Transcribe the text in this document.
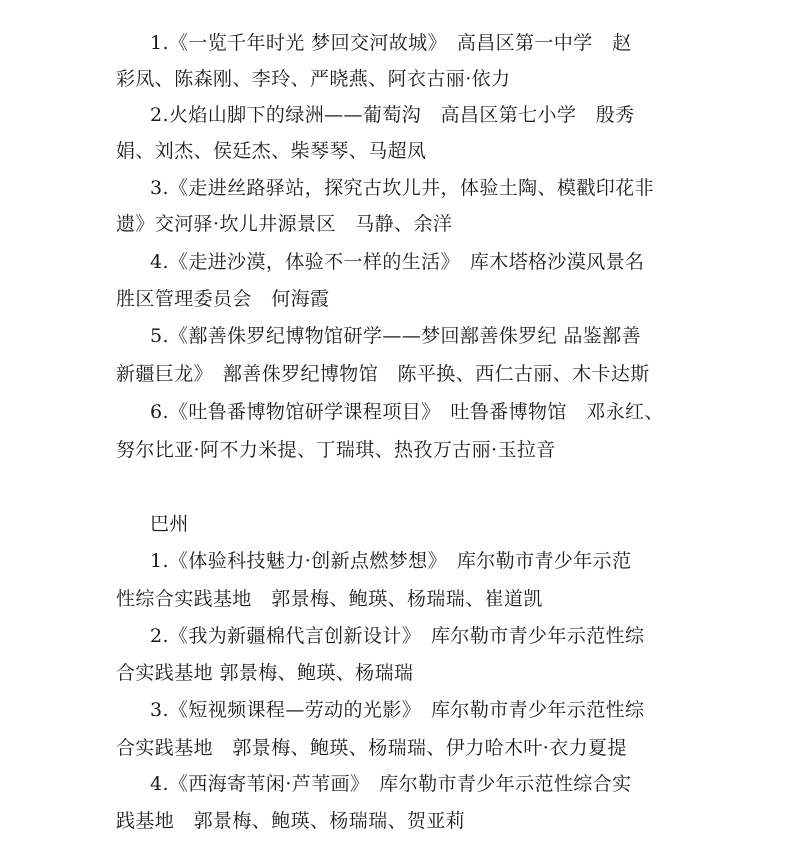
1.《一览千年时光 梦回交河故城》　高昌区第一中学　赵
彩凤、陈森刚、李玲、严晓燕、阿衣古丽·依力
2.火焰山脚下的绿洲——葡萄沟　高昌区第七小学　殷秀
娟、刘杰、侯廷杰、柴琴琴、马超凤
3.《走进丝路驿站，探究古坎儿井，体验土陶、模戳印花非
遗》交河驿·坎儿井源景区　马静、余洋
4.《走进沙漠，体验不一样的生活》　库木塔格沙漠风景名
胜区管理委员会　何海霞
5.《鄯善侏罗纪博物馆研学——梦回鄯善侏罗纪 品鉴鄯善
新疆巨龙》　鄯善侏罗纪博物馆　陈平换、西仁古丽、木卡达斯
6.《吐鲁番博物馆研学课程项目》　吐鲁番博物馆　邓永红、
努尔比亚·阿不力米提、丁瑞琪、热孜万古丽·玉拉音
巴州
1.《体验科技魅力·创新点燃梦想》　库尔勒市青少年示范
性综合实践基地　郭景梅、鲍瑛、杨瑞瑞、崔道凯
2.《我为新疆棉代言创新设计》　库尔勒市青少年示范性综
合实践基地 郭景梅、鲍瑛、杨瑞瑞
3.《短视频课程—劳动的光影》　库尔勒市青少年示范性综
合实践基地　郭景梅、鲍瑛、杨瑞瑞、伊力哈木叶·衣力夏提
4.《西海寄苇闲·芦苇画》　库尔勒市青少年示范性综合实
践基地　郭景梅、鲍瑛、杨瑞瑞、贺亚莉
